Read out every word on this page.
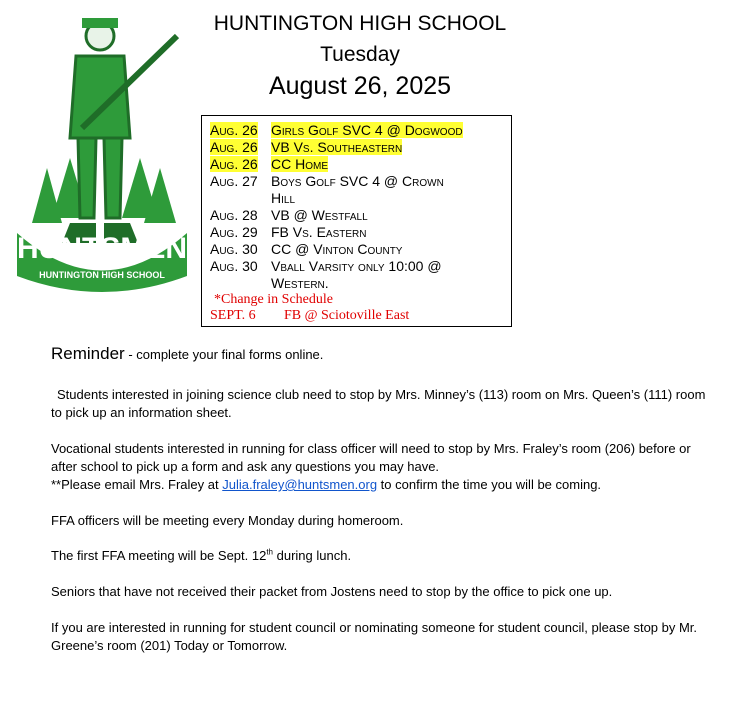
HUNTSMEN
HUNTINGTON HIGH SCHOOL
HUNTINGTON HIGH SCHOOL
Tuesday
August 26, 2025
Aug. 26 Girls Golf SVC 4 @ Dogwood
Aug. 26 VB Vs. Southeastern
Aug. 26 CC Home
Aug. 27 Boys Golf SVC 4 @ Crown
Hill
Aug. 28 VB @ Westfall
Aug. 29 FB Vs. Eastern
Aug. 30 CC @ Vinton County
Aug. 30 Vball Varsity only 10:00 @
Western.
*Change in Schedule
SEPT. 6 FB @ Sciotoville East
Reminder - complete your final forms online.
Students interested in joining science club need to stop by Mrs. Minney’s (113) room on Mrs. Queen’s (111) room to pick up an information sheet.
Vocational students interested in running for class officer will need to stop by Mrs. Fraley’s room (206) before or after school to pick up a form and ask any questions you may have.
**Please email Mrs. Fraley at Julia.fraley@huntsmen.org to confirm the time you will be coming.
FFA officers will be meeting every Monday during homeroom.
The first FFA meeting will be Sept. 12th during lunch.
Seniors that have not received their packet from Jostens need to stop by the office to pick one up.
If you are interested in running for student council or nominating someone for student council, please stop by Mr. Greene’s room (201) Today or Tomorrow.
